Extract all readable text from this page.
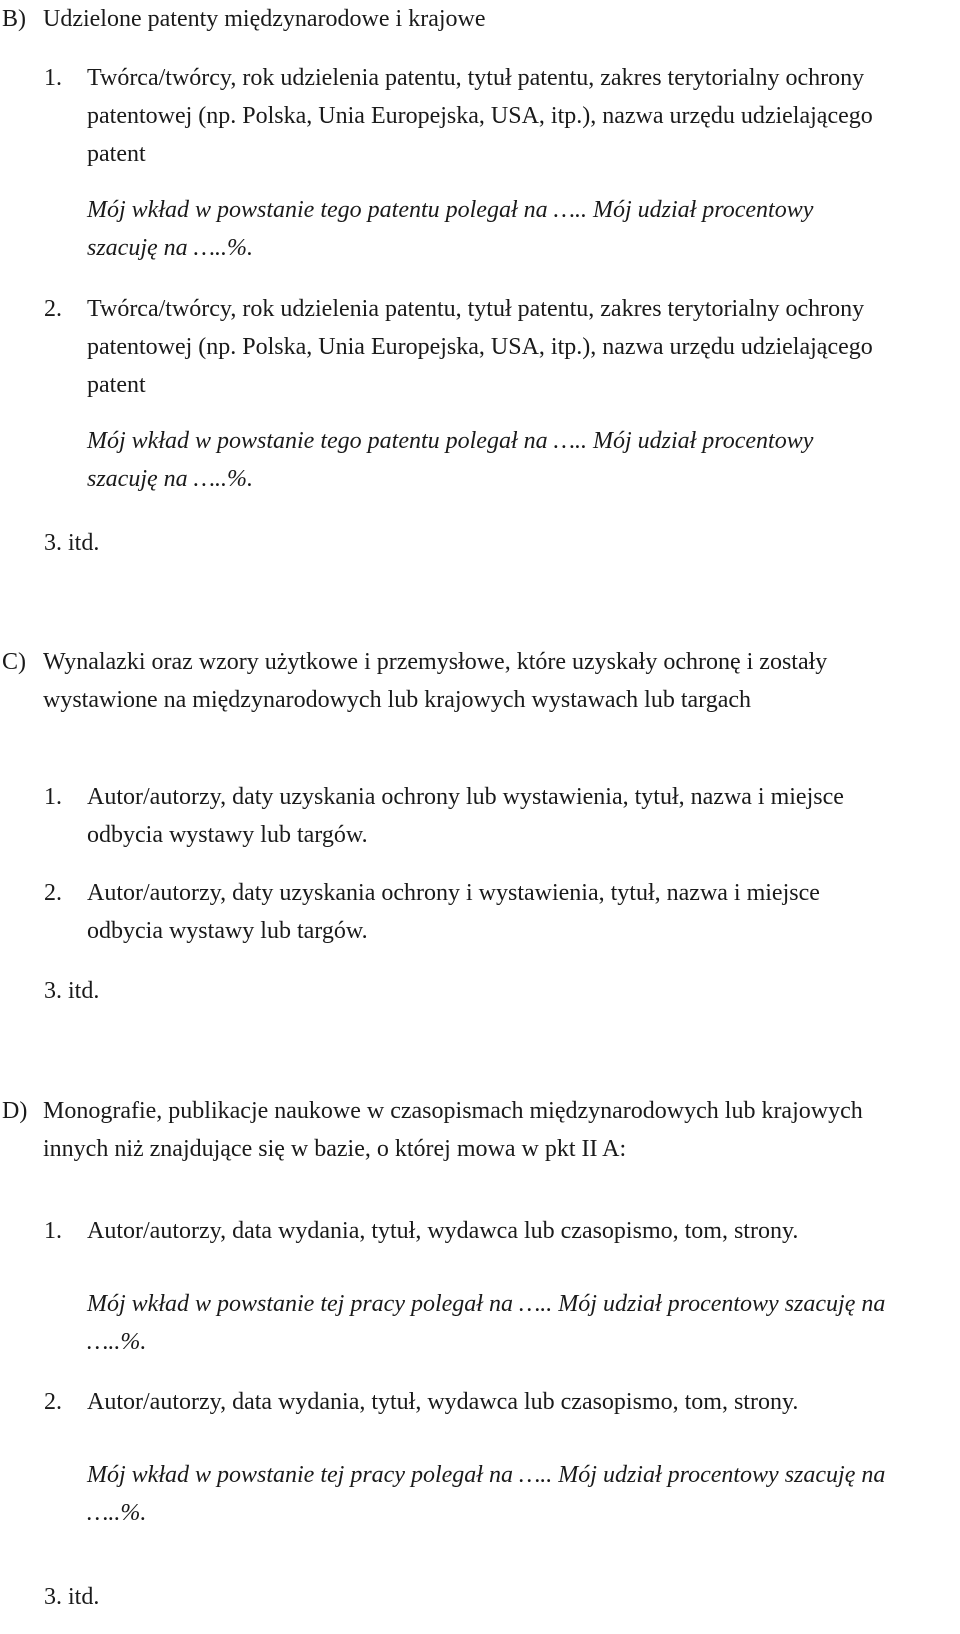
B) Udzielone patenty międzynarodowe i krajowe

1. Twórca/twórcy, rok udzielenia patentu, tytuł patentu, zakres terytorialny ochrony patentowej (np. Polska, Unia Europejska, USA, itp.), nazwa urzędu udzielającego patent

Mój wkład w powstanie tego patentu polegał na ….. Mój udział procentowy szacuję na …..%.

2. Twórca/twórcy, rok udzielenia patentu, tytuł patentu, zakres terytorialny ochrony patentowej (np. Polska, Unia Europejska, USA, itp.), nazwa urzędu udzielającego patent

Mój wkład w powstanie tego patentu polegał na ….. Mój udział procentowy szacuję na …..%.

3. itd.

C) Wynalazki oraz wzory użytkowe i przemysłowe, które uzyskały ochronę i zostały wystawione na międzynarodowych lub krajowych wystawach lub targach

1. Autor/autorzy, daty uzyskania ochrony lub wystawienia, tytuł, nazwa i miejsce odbycia wystawy lub targów.

2. Autor/autorzy, daty uzyskania ochrony i wystawienia, tytuł, nazwa i miejsce odbycia wystawy lub targów.

3. itd.

D) Monografie, publikacje naukowe w czasopismach międzynarodowych lub krajowych innych niż znajdujące się w bazie, o której mowa w pkt II A:

1. Autor/autorzy, data wydania, tytuł, wydawca lub czasopismo, tom, strony.

Mój wkład w powstanie tej pracy polegał na ….. Mój udział procentowy szacuję na …..%.

2. Autor/autorzy, data wydania, tytuł, wydawca lub czasopismo, tom, strony.

Mój wkład w powstanie tej pracy polegał na ….. Mój udział procentowy szacuję na …..%.

3. itd.
